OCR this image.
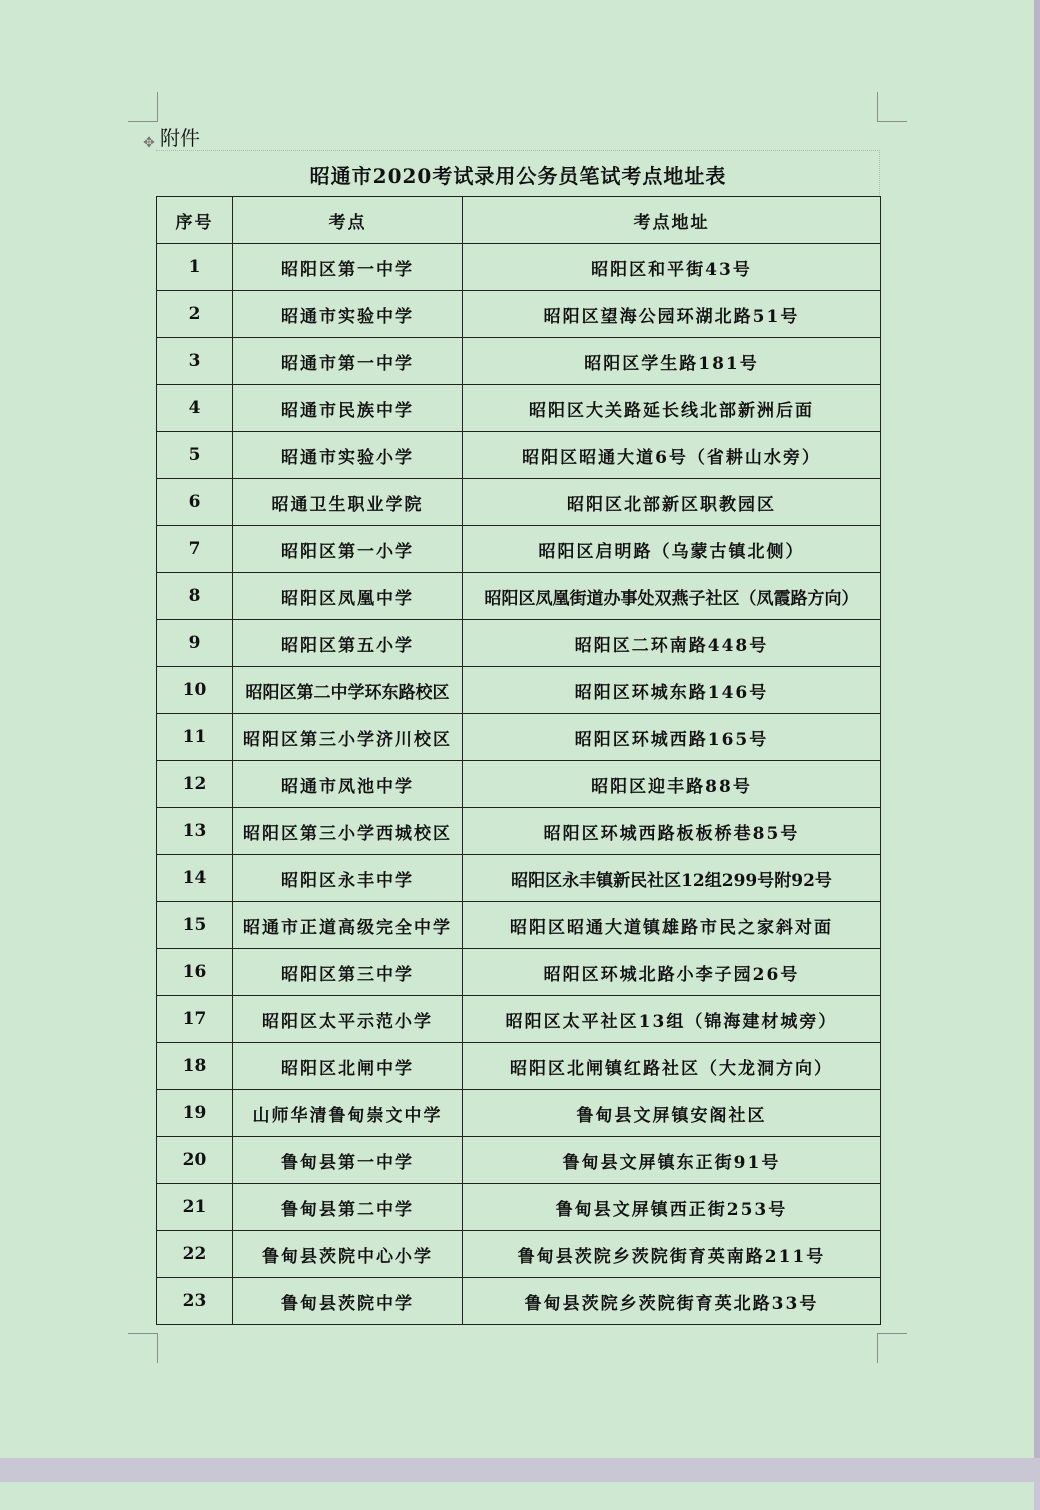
✥ 附件
昭通市2020考试录用公务员笔试考点地址表
序号	考点	考点地址
1	昭阳区第一中学	昭阳区和平街43号
2	昭通市实验中学	昭阳区望海公园环湖北路51号
3	昭通市第一中学	昭阳区学生路181号
4	昭通市民族中学	昭阳区大关路延长线北部新洲后面
5	昭通市实验小学	昭阳区昭通大道6号（省耕山水旁）
6	昭通卫生职业学院	昭阳区北部新区职教园区
7	昭阳区第一小学	昭阳区启明路（乌蒙古镇北侧）
8	昭阳区凤凰中学	昭阳区凤凰街道办事处双燕子社区（凤霞路方向）
9	昭阳区第五小学	昭阳区二环南路448号
10	昭阳区第二中学环东路校区	昭阳区环城东路146号
11	昭阳区第三小学济川校区	昭阳区环城西路165号
12	昭通市凤池中学	昭阳区迎丰路88号
13	昭阳区第三小学西城校区	昭阳区环城西路板板桥巷85号
14	昭阳区永丰中学	昭阳区永丰镇新民社区12组299号附92号
15	昭通市正道高级完全中学	昭阳区昭通大道镇雄路市民之家斜对面
16	昭阳区第三中学	昭阳区环城北路小李子园26号
17	昭阳区太平示范小学	昭阳区太平社区13组（锦海建材城旁）
18	昭阳区北闸中学	昭阳区北闸镇红路社区（大龙洞方向）
19	山师华清鲁甸崇文中学	鲁甸县文屏镇安阁社区
20	鲁甸县第一中学	鲁甸县文屏镇东正街91号
21	鲁甸县第二中学	鲁甸县文屏镇西正街253号
22	鲁甸县茨院中心小学	鲁甸县茨院乡茨院街育英南路211号
23	鲁甸县茨院中学	鲁甸县茨院乡茨院街育英北路33号
